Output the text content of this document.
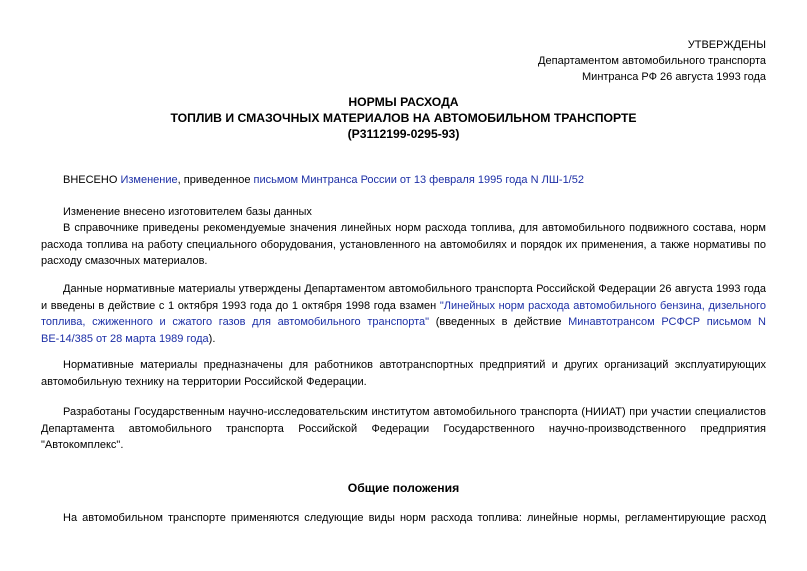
УТВЕРЖДЕНЫ
Департаментом автомобильного транспорта
Минтранса РФ 26 августа 1993 года
НОРМЫ РАСХОДА
ТОПЛИВ И СМАЗОЧНЫХ МАТЕРИАЛОВ НА АВТОМОБИЛЬНОМ ТРАНСПОРТЕ
(Р3112199-0295-93)
ВНЕСЕНО Изменение, приведенное письмом Минтранса России от 13 февраля 1995 года N ЛШ-1/52
Изменение внесено изготовителем базы данных
В справочнике приведены рекомендуемые значения линейных норм расхода топлива, для автомобильного подвижного состава, норм расхода топлива на работу специального оборудования, установленного на автомобилях и порядок их применения, а также нормативы по расходу смазочных материалов.
Данные нормативные материалы утверждены Департаментом автомобильного транспорта Российской Федерации 26 августа 1993 года и введены в действие с 1 октября 1993 года до 1 октября 1998 года взамен "Линейных норм расхода автомобильного бензина, дизельного топлива, сжиженного и сжатого газов для автомобильного транспорта" (введенных в действие Минавтотрансом РСФСР письмом N ВЕ-14/385 от 28 марта 1989 года).
Нормативные материалы предназначены для работников автотранспортных предприятий и других организаций эксплуатирующих автомобильную технику на территории Российской Федерации.
Разработаны Государственным научно-исследовательским институтом автомобильного транспорта (НИИАТ) при участии специалистов Департамента автомобильного транспорта Российской Федерации Государственного научно-производственного предприятия "Автокомплекс".
Общие положения
На автомобильном транспорте применяются следующие виды норм расхода топлива: линейные нормы, регламентирующие расход
